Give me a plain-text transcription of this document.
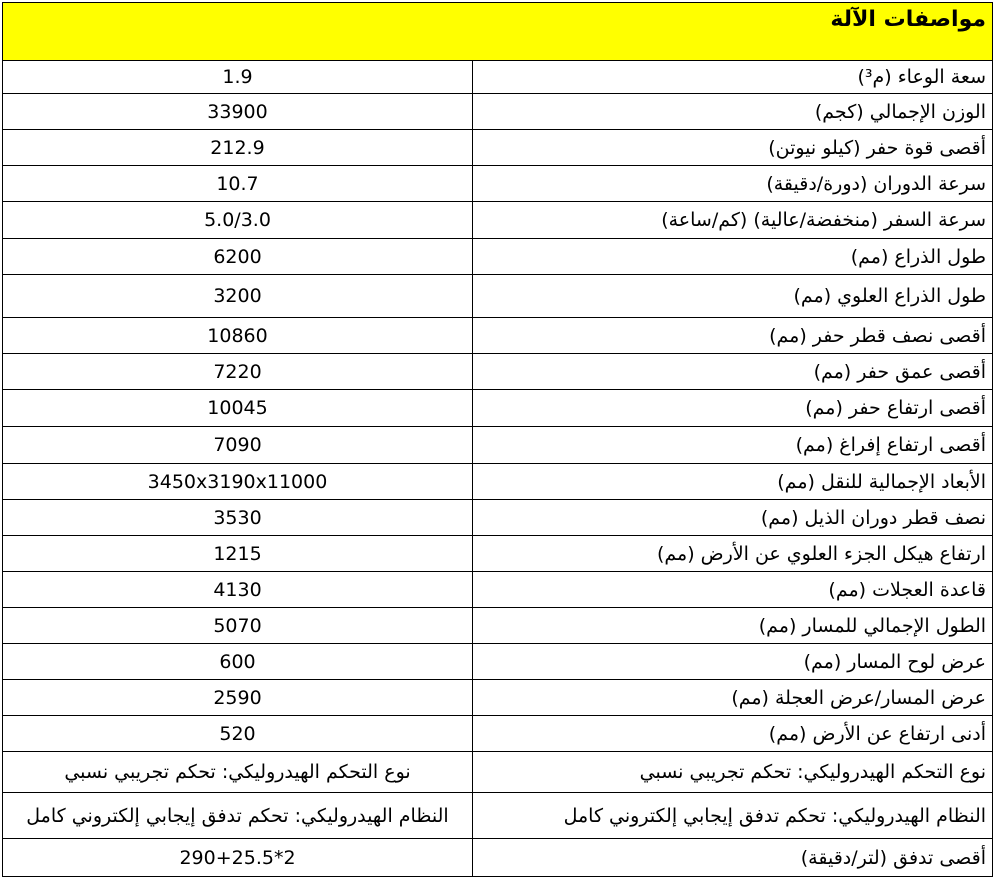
مواصفات الآلة	
1.9	سعة الوعاء (م³)
33900	الوزن الإجمالي (كجم)
212.9	أقصى قوة حفر (كيلو نيوتن)
10.7	سرعة الدوران (دورة/دقيقة)
5.0/3.0	سرعة السفر (منخفضة/عالية) (كم/ساعة)
6200	طول الذراع (مم)
3200	طول الذراع العلوي (مم)
10860	أقصى نصف قطر حفر (مم)
7220	أقصى عمق حفر (مم)
10045	أقصى ارتفاع حفر (مم)
7090	أقصى ارتفاع إفراغ (مم)
3450x3190x11000	الأبعاد الإجمالية للنقل (مم)
3530	نصف قطر دوران الذيل (مم)
1215	ارتفاع هيكل الجزء العلوي عن الأرض (مم)
4130	قاعدة العجلات (مم)
5070	الطول الإجمالي للمسار (مم)
600	عرض لوح المسار (مم)
2590	عرض المسار/عرض العجلة (مم)
520	أدنى ارتفاع عن الأرض (مم)
نوع التحكم الهيدروليكي: تحكم تجريبي نسبي	نوع التحكم الهيدروليكي: تحكم تجريبي نسبي
النظام الهيدروليكي: تحكم تدفق إيجابي إلكتروني كامل	النظام الهيدروليكي: تحكم تدفق إيجابي إلكتروني كامل
2*290+25.5	أقصى تدفق (لتر/دقيقة)
